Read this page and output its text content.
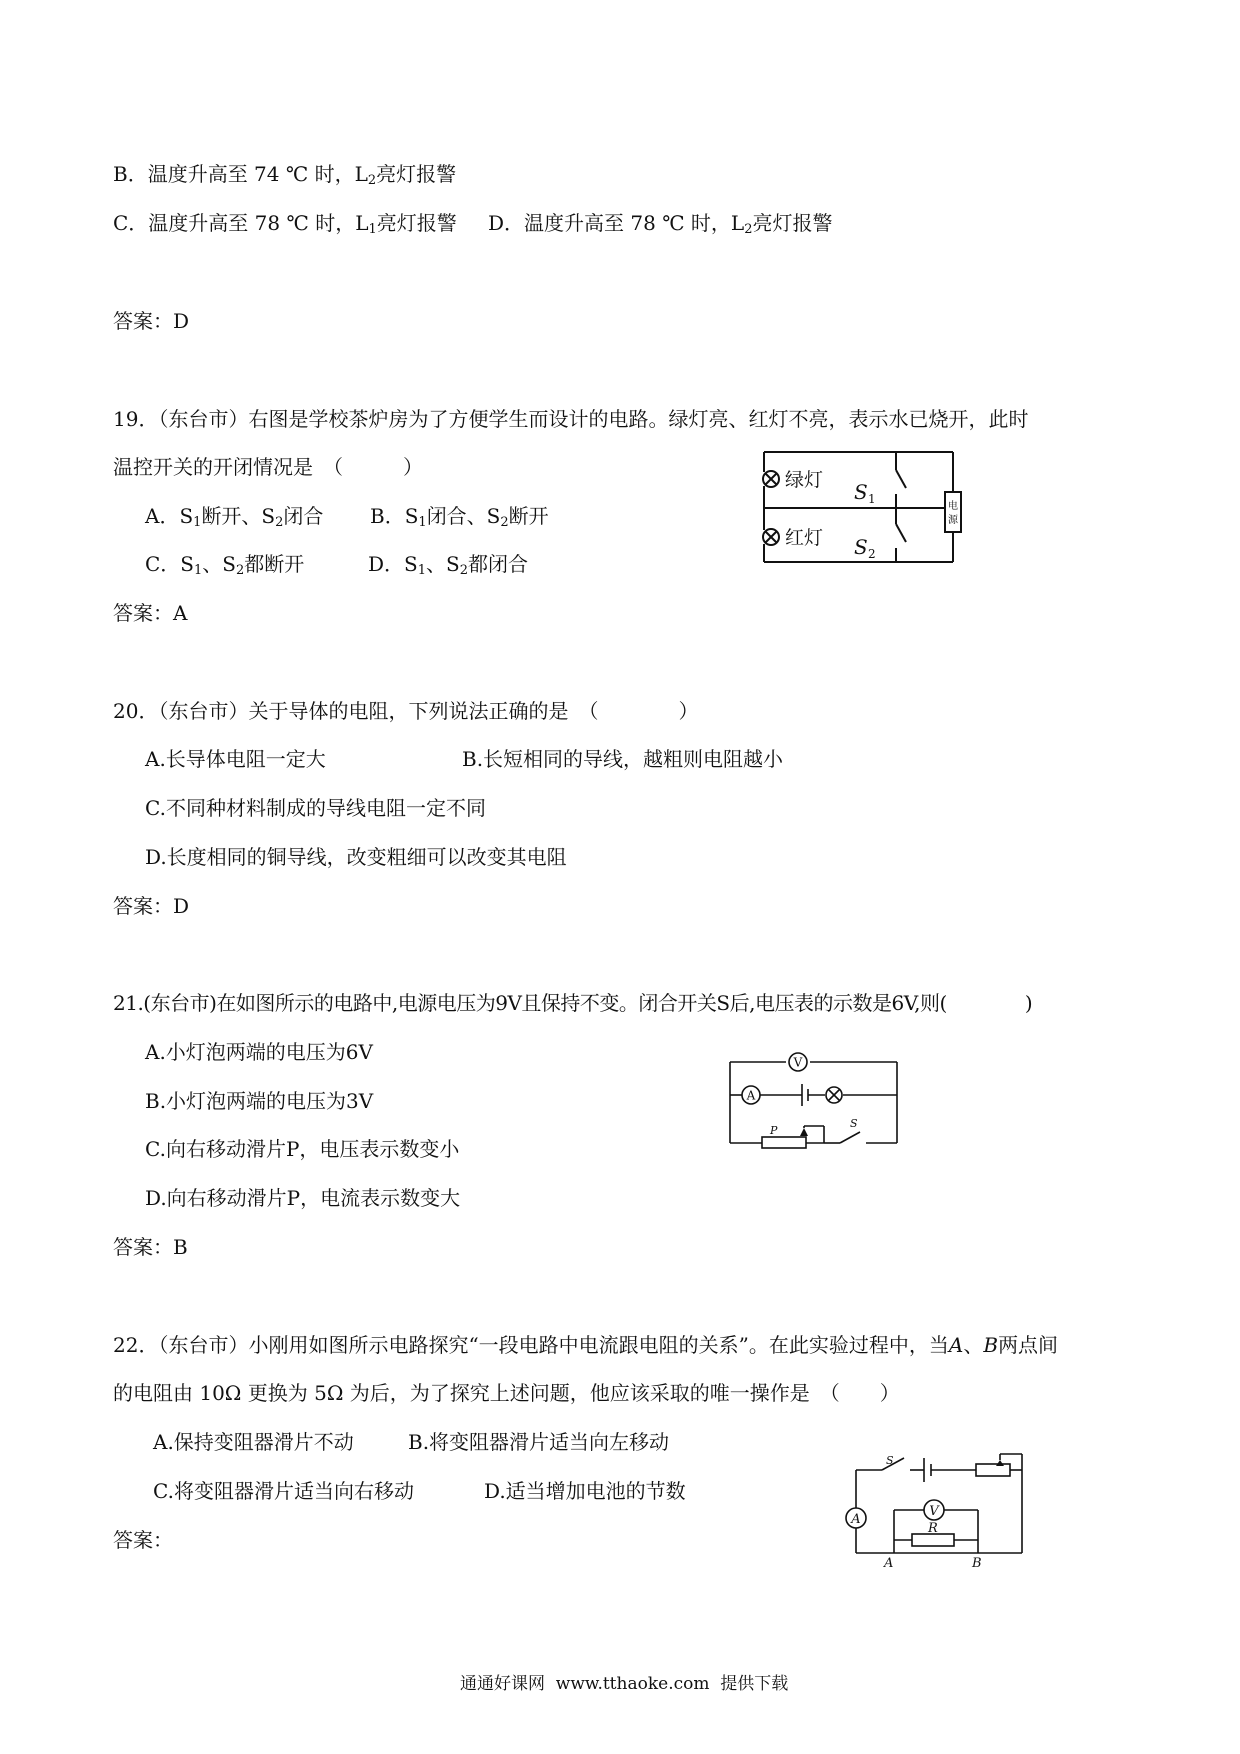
B．温度升高至 74 ℃ 时，$L_2$亮灯报警
C．温度升高至 78 ℃ 时，$L_1$亮灯报警 D．温度升高至 78 ℃ 时，$L_2$亮灯报警
答案：D
19．（东台市）右图是学校茶炉房为了方便学生而设计的电路。绿灯亮、红灯不亮，表示水已烧开，此时
温控开关的开闭情况是　（　　　）
A．$S_1$断开、$S_2$闭合 B．$S_1$闭合、$S_2$断开
C．$S_1$、$S_2$都断开	D．$S_1$、$S_2$都闭合
答案：A
电
源
绿灯
红灯
S 1
S 2
20．（东台市）关于导体的电阻，下列说法正确的是　（　　　　）
A.长导体电阻一定大	B.长短相同的导线，越粗则电阻越小
C.不同种材料制成的导线电阻一定不同
D.长度相同的铜导线，改变粗细可以改变其电阻
答案：D
21.(东台市)在如图所示的电路中,电源电压为9V且保持不变。闭合开关S后,电压表的示数是6V,则(　　　　)
A.小灯泡两端的电压为6V
B.小灯泡两端的电压为3V
C.向右移动滑片P，电压表示数变小
D.向右移动滑片P，电流表示数变大
答案：B
V
A
P
S
22．（东台市）小刚用如图所示电路探究“一段电路中电流跟电阻的关系”。在此实验过程中，当A、B两点间
的电阻由 10Ω 更换为 5Ω 为后，为了探究上述问题，他应该采取的唯一操作是　（　　）
A.保持变阻器滑片不动	B.将变阻器滑片适当向左移动
C.将变阻器滑片适当向右移动	D.适当增加电池的节数
答案：
A
V
R
S
A	B
通通好课网  www.tthaoke.com  提供下载
